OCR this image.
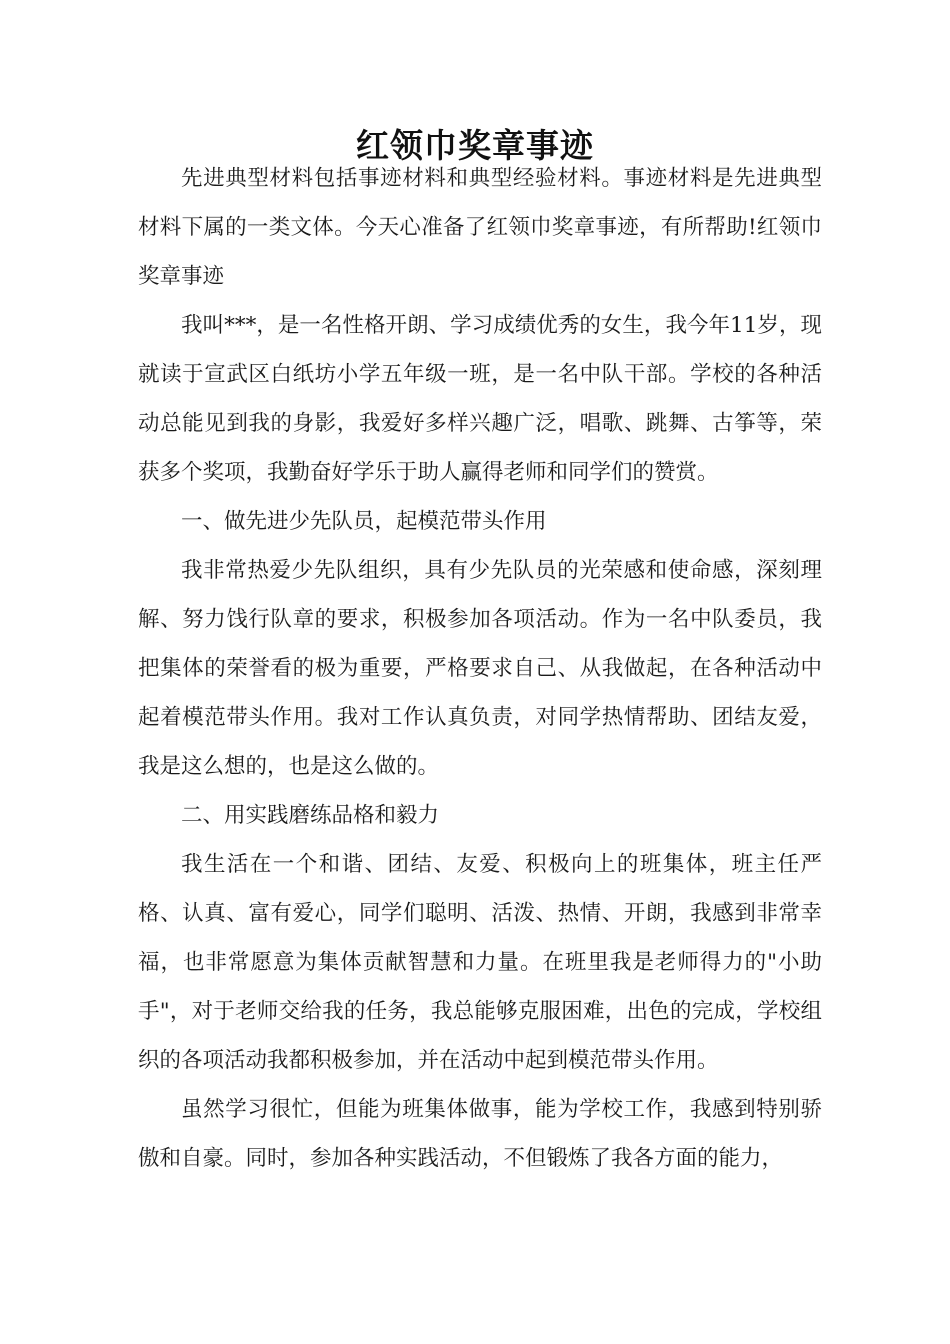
红领巾奖章事迹

先进典型材料包括事迹材料和典型经验材料。事迹材料是先进典型材料下属的一类文体。今天心准备了红领巾奖章事迹，有所帮助!红领巾奖章事迹

我叫***，是一名性格开朗、学习成绩优秀的女生，我今年11岁，现就读于宣武区白纸坊小学五年级一班，是一名中队干部。学校的各种活动总能见到我的身影，我爱好多样兴趣广泛，唱歌、跳舞、古筝等，荣获多个奖项，我勤奋好学乐于助人赢得老师和同学们的赞赏。

一、做先进少先队员，起模范带头作用

我非常热爱少先队组织，具有少先队员的光荣感和使命感，深刻理解、努力饯行队章的要求，积极参加各项活动。作为一名中队委员，我把集体的荣誉看的极为重要，严格要求自己、从我做起，在各种活动中起着模范带头作用。我对工作认真负责，对同学热情帮助、团结友爱，我是这么想的，也是这么做的。

二、用实践磨练品格和毅力

我生活在一个和谐、团结、友爱、积极向上的班集体，班主任严格、认真、富有爱心，同学们聪明、活泼、热情、开朗，我感到非常幸福，也非常愿意为集体贡献智慧和力量。在班里我是老师得力的"小助手"，对于老师交给我的任务，我总能够克服困难，出色的完成，学校组织的各项活动我都积极参加，并在活动中起到模范带头作用。

虽然学习很忙，但能为班集体做事，能为学校工作，我感到特别骄傲和自豪。同时，参加各种实践活动，不但锻炼了我各方面的能力，
